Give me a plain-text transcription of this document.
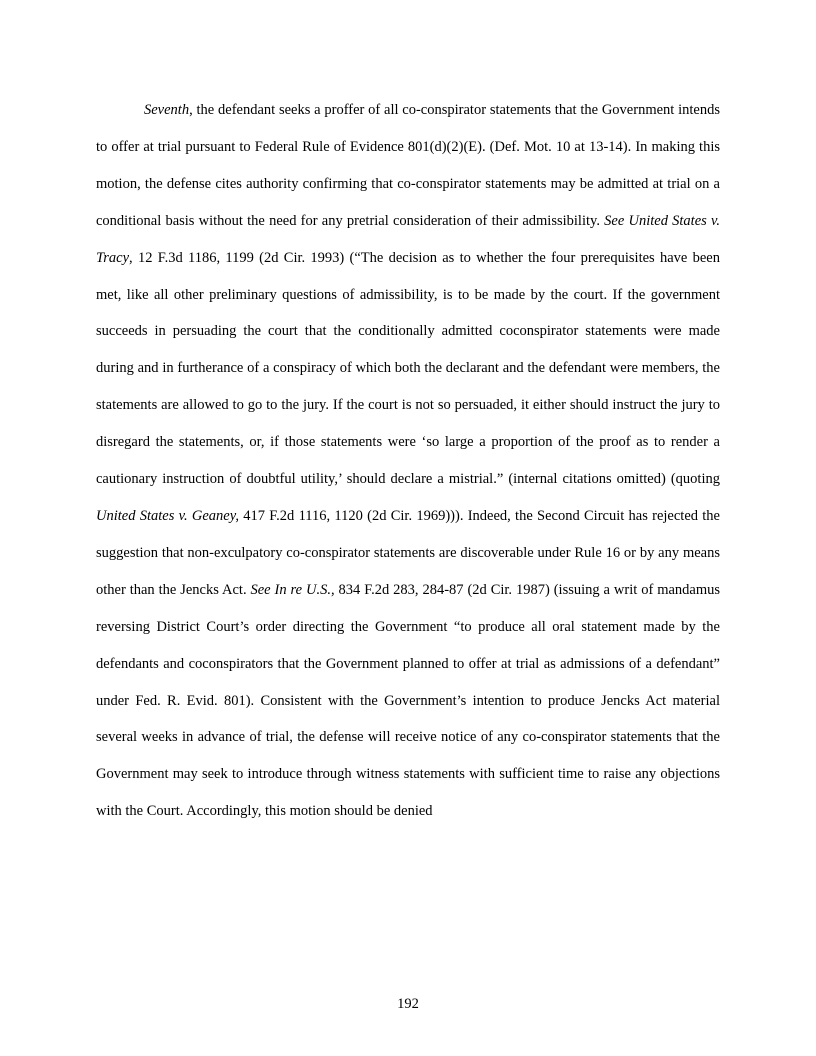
Seventh, the defendant seeks a proffer of all co-conspirator statements that the Government intends to offer at trial pursuant to Federal Rule of Evidence 801(d)(2)(E). (Def. Mot. 10 at 13-14). In making this motion, the defense cites authority confirming that co-conspirator statements may be admitted at trial on a conditional basis without the need for any pretrial consideration of their admissibility. See United States v. Tracy, 12 F.3d 1186, 1199 (2d Cir. 1993) (“The decision as to whether the four prerequisites have been met, like all other preliminary questions of admissibility, is to be made by the court. If the government succeeds in persuading the court that the conditionally admitted coconspirator statements were made during and in furtherance of a conspiracy of which both the declarant and the defendant were members, the statements are allowed to go to the jury. If the court is not so persuaded, it either should instruct the jury to disregard the statements, or, if those statements were ‘so large a proportion of the proof as to render a cautionary instruction of doubtful utility,’ should declare a mistrial.” (internal citations omitted) (quoting United States v. Geaney, 417 F.2d 1116, 1120 (2d Cir. 1969))). Indeed, the Second Circuit has rejected the suggestion that non-exculpatory co-conspirator statements are discoverable under Rule 16 or by any means other than the Jencks Act. See In re U.S., 834 F.2d 283, 284-87 (2d Cir. 1987) (issuing a writ of mandamus reversing District Court’s order directing the Government “to produce all oral statement made by the defendants and coconspirators that the Government planned to offer at trial as admissions of a defendant” under Fed. R. Evid. 801). Consistent with the Government’s intention to produce Jencks Act material several weeks in advance of trial, the defense will receive notice of any co-conspirator statements that the Government may seek to introduce through witness statements with sufficient time to raise any objections with the Court. Accordingly, this motion should be denied

192
